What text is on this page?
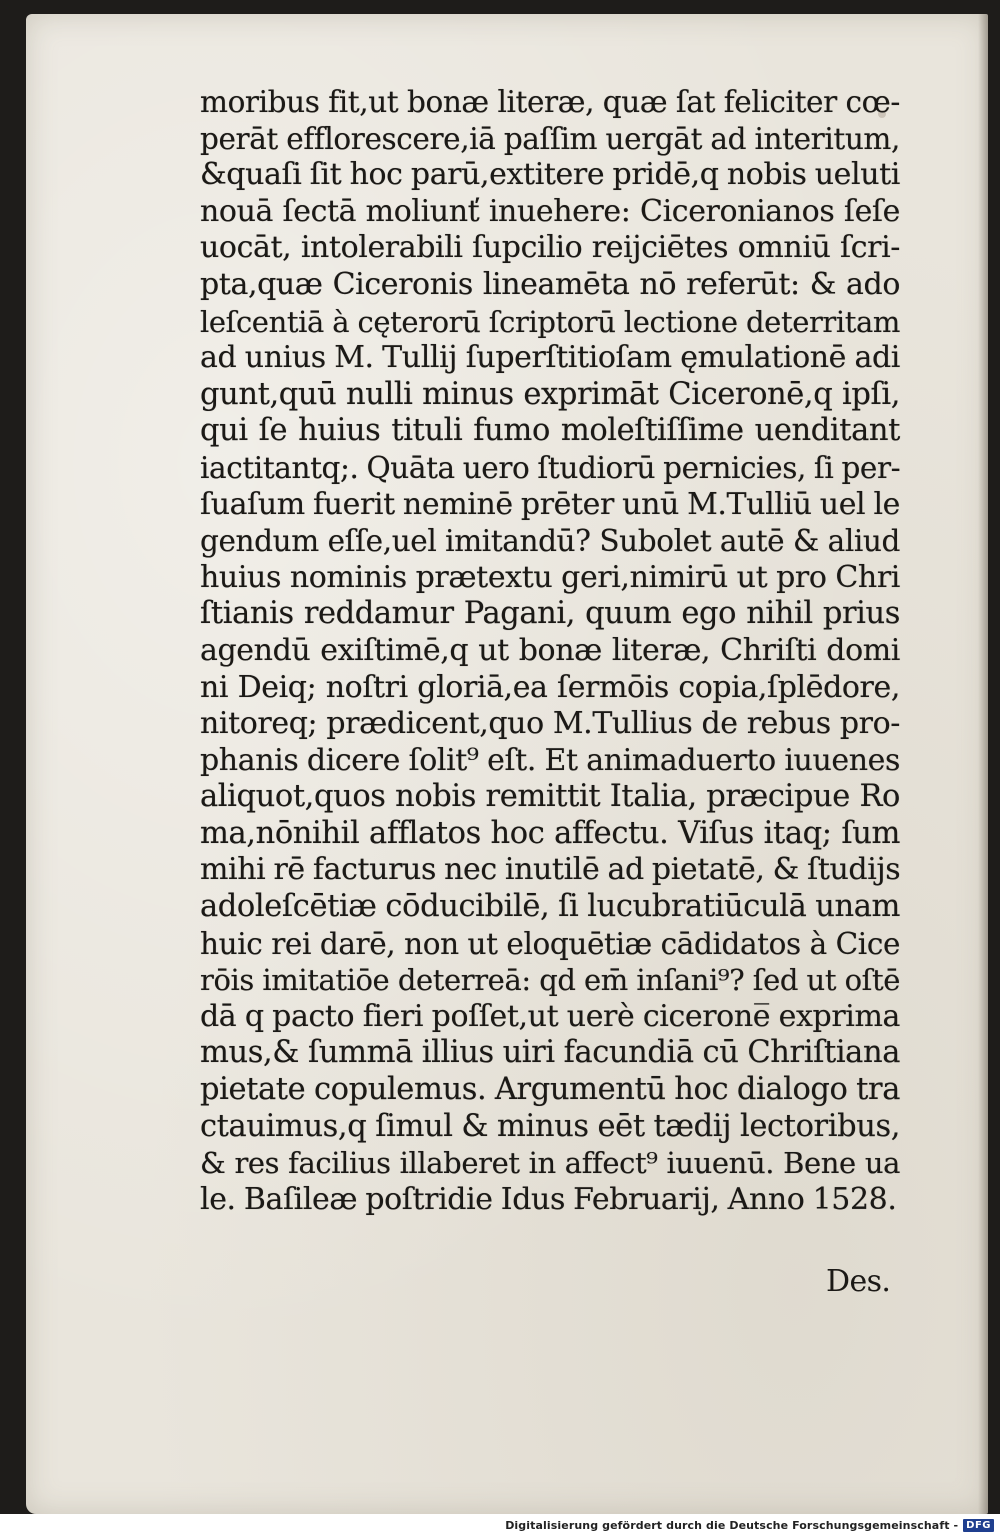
moribus fit,ut bonæ literæ, quæ ſat feliciter cœ-
perāt efflorescere,iā paſſim uergāt ad interitum,
&quaſi ſit hoc parū,extitere pridē,q nobis ueluti
nouā ſectā moliunť inuehere: Ciceronianos ſeſe
uocāt, intolerabili ſupcilio reijciētes omniū ſcri-
pta,quæ Ciceronis lineamēta nō referūt: & ado
leſcentiā à cęterorū ſcriptorū lectione deterritam
ad unius M. Tullij ſuperſtitioſam ęmulationē adi
gunt,quū nulli minus exprimāt Ciceronē,q ipſi,
qui ſe huius tituli fumo moleſtiſſime uenditant
iactitantq;. Quāta uero ſtudiorū pernicies, ſi per-
ſuaſum fuerit neminē prēter unū M.Tulliū uel le
gendum eſſe,uel imitandū? Subolet autē & aliud
huius nominis prætextu geri,nimirū ut pro Chri
ſtianis reddamur Pagani, quum ego nihil prius
agendū exiſtimē,q ut bonæ literæ, Chriſti domi
ni Deiq; noſtri gloriā,ea ſermōis copia,ſplēdore,
nitoreq; prædicent,quo M.Tullius de rebus pro-
phanis dicere ſolit⁹ eſt. Et animaduerto iuuenes
aliquot,quos nobis remittit Italia, præcipue Ro
ma,nōnihil afflatos hoc affectu. Viſus itaq; ſum
mihi rē facturus nec inutilē ad pietatē, & ſtudijs
adoleſcētiæ cōducibilē, ſi lucubratiūculā unam
huic rei darē, non ut eloquētiæ cādidatos à Cice
rōis imitatiōe deterreā: qd em̄ inſani⁹? ſed ut oſtē
dā q pacto fieri poſſet,ut uerè cicerone̅ exprima
mus,& ſummā illius uiri facundiā cū Chriſtiana
pietate copulemus. Argumentū hoc dialogo tra
ctauimus,q ſimul & minus eēt tædij lectoribus,
& res facilius illaberet in affect⁹ iuuenū. Bene ua
le. Baſileæ poſtridie Idus Februarij, Anno 1528.
Des.
Digitalisierung gefördert durch die Deutsche Forschungsgemeinschaft - DFG
